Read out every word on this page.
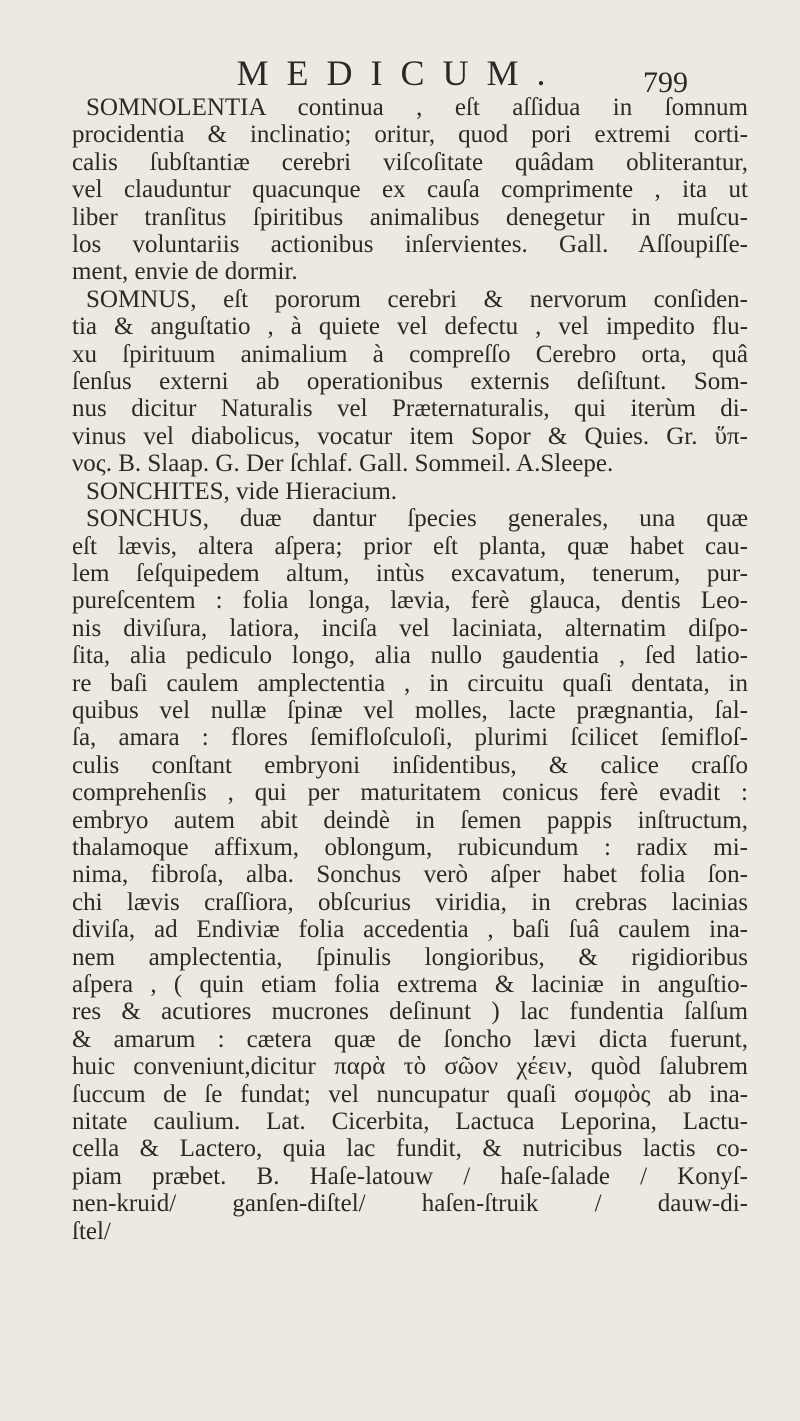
MEDICUM.	799
SOMNOLENTIA continua , eſt aſſidua in ſomnum
procidentia & inclinatio; oritur, quod pori extremi corti-
calis ſubſtantiæ cerebri viſcoſitate quâdam obliterantur,
vel clauduntur quacunque ex cauſa comprimente , ita ut
liber tranſitus ſpiritibus animalibus denegetur in muſcu-
los voluntariis actionibus inſervientes. Gall. Aſſoupiſſe-
ment, envie de dormir.
SOMNUS, eſt pororum cerebri & nervorum conſiden-
tia & anguſtatio , à quiete vel defectu , vel impedito flu-
xu ſpirituum animalium à compreſſo Cerebro orta, quâ
ſenſus externi ab operationibus externis deſiſtunt. Som-
nus dicitur Naturalis vel Præternaturalis, qui iterùm di-
vinus vel diabolicus, vocatur item Sopor & Quies. Gr. ὕπ-
νος. B. Slaap. G. Der ſchlaf. Gall. Sommeil. A.Sleepe.
SONCHITES, vide Hieracium.
SONCHUS, duæ dantur ſpecies generales, una quæ
eſt lævis, altera aſpera; prior eſt planta, quæ habet cau-
lem ſeſquipedem altum, intùs excavatum, tenerum, pur-
pureſcentem : folia longa, lævia, ferè glauca, dentis Leo-
nis diviſura, latiora, inciſa vel laciniata, alternatim diſpo-
ſita, alia pediculo longo, alia nullo gaudentia , ſed latio-
re baſi caulem amplectentia , in circuitu quaſi dentata, in
quibus vel nullæ ſpinæ vel molles, lacte prægnantia, ſal-
ſa, amara : flores ſemifloſculoſi, plurimi ſcilicet ſemifloſ-
culis conſtant embryoni inſidentibus, & calice craſſo
comprehenſis , qui per maturitatem conicus ferè evadit :
embryo autem abit deindè in ſemen pappis inſtructum,
thalamoque affixum, oblongum, rubicundum : radix mi-
nima, fibroſa, alba. Sonchus verò aſper habet folia ſon-
chi lævis craſſiora, obſcurius viridia, in crebras lacinias
diviſa, ad Endiviæ folia accedentia , baſi ſuâ caulem ina-
nem amplectentia, ſpinulis longioribus, & rigidioribus
aſpera , ( quin etiam folia extrema & laciniæ in anguſtio-
res & acutiores mucrones deſinunt ) lac fundentia ſalſum
& amarum : cætera quæ de ſoncho lævi dicta fuerunt,
huic conveniunt,dicitur παρὰ τὸ σῶον χέειν, quòd ſalubrem
ſuccum de ſe fundat; vel nuncupatur quaſi σομφὸς ab ina-
nitate caulium. Lat. Cicerbita, Lactuca Leporina, Lactu-
cella & Lactero, quia lac fundit, & nutricibus lactis co-
piam præbet. B. Haſe-latouw / haſe-ſalade / Konyſ-
nen-kruid/ ganſen-diſtel/ haſen-ſtruik / dauw-di-
ſtel/
